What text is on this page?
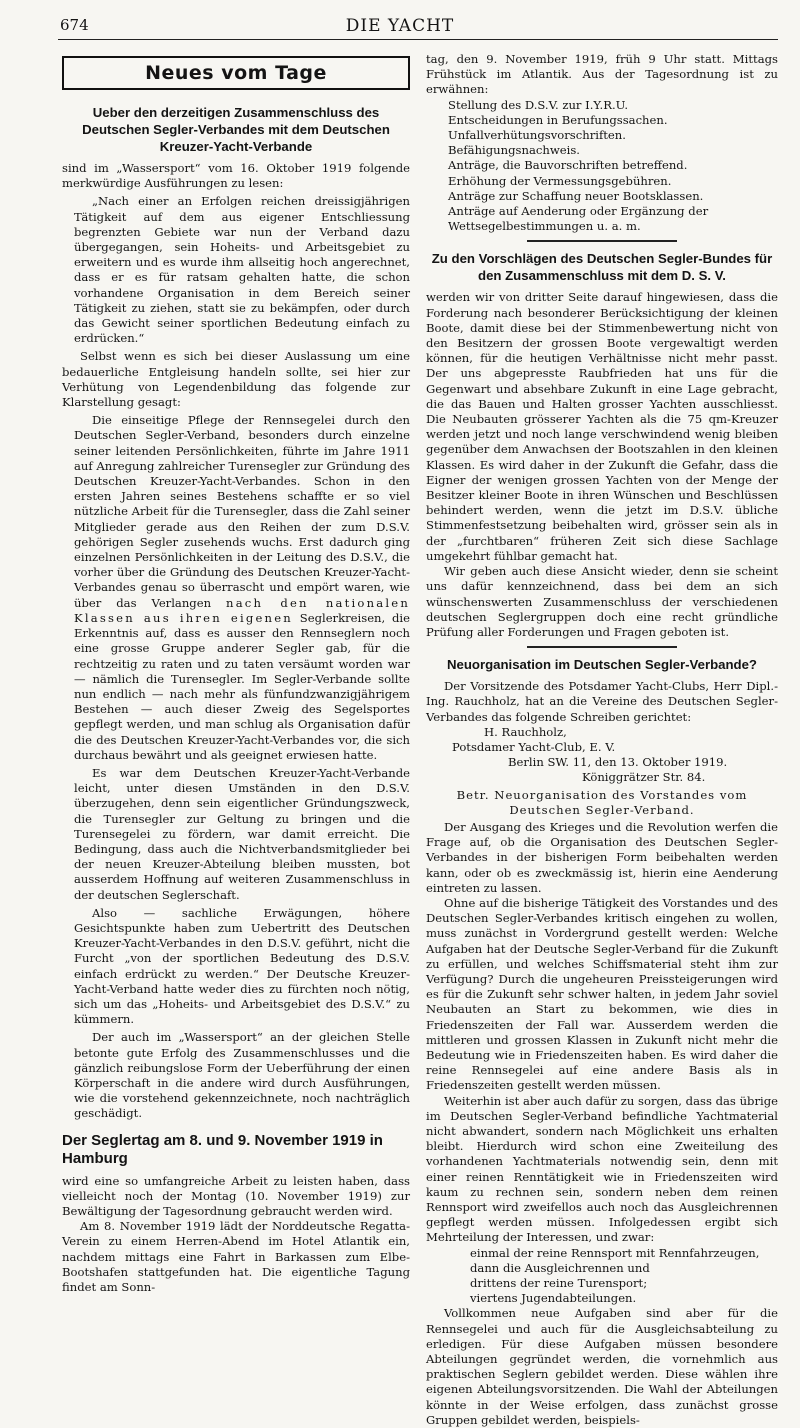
674	DIE YACHT
Neues vom Tage
Ueber den derzeitigen Zusammenschluss des Deutschen Segler-Verbandes mit dem Deutschen Kreuzer-Yacht-Verbande

sind im „Wassersport“ vom 16. Oktober 1919 folgende merkwürdige Ausführungen zu lesen:

„Nach einer an Erfolgen reichen dreissigjährigen Tätigkeit auf dem aus eigener Entschliessung begrenzten Gebiete war nun der Verband dazu übergegangen, sein Hoheits- und Arbeitsgebiet zu erweitern und es wurde ihm allseitig hoch angerechnet, dass er es für ratsam gehalten hatte, die schon vorhandene Organisation in dem Bereich seiner Tätigkeit zu ziehen, statt sie zu bekämpfen, oder durch das Gewicht seiner sportlichen Bedeutung einfach zu erdrücken.“

Selbst wenn es sich bei dieser Auslassung um eine bedauerliche Entgleisung handeln sollte, sei hier zur Verhütung von Legendenbildung das folgende zur Klarstellung gesagt:

Die einseitige Pflege der Rennsegelei durch den Deutschen Segler-Verband, besonders durch einzelne seiner leitenden Persönlichkeiten, führte im Jahre 1911 auf Anregung zahlreicher Turensegler zur Gründung des Deutschen Kreuzer-Yacht-Verbandes. Schon in den ersten Jahren seines Bestehens schaffte er so viel nützliche Arbeit für die Turensegler, dass die Zahl seiner Mitglieder gerade aus den Reihen der zum D.S.V. gehörigen Segler zusehends wuchs. Erst dadurch ging einzelnen Persönlichkeiten in der Leitung des D.S.V., die vorher über die Gründung des Deutschen Kreuzer-Yacht-Verbandes genau so überrascht und empört waren, wie über das Verlangen nach den nationalen Klassen aus ihren eigenen Seglerkreisen, die Erkenntnis auf, dass es ausser den Rennseglern noch eine grosse Gruppe anderer Segler gab, für die rechtzeitig zu raten und zu taten versäumt worden war — nämlich die Turensegler. Im Segler-Verbande sollte nun endlich — nach mehr als fünfundzwanzigjährigem Bestehen — auch dieser Zweig des Segelsportes gepflegt werden, und man schlug als Organisation dafür die des Deutschen Kreuzer-Yacht-Verbandes vor, die sich durchaus bewährt und als geeignet erwiesen hatte.

Es war dem Deutschen Kreuzer-Yacht-Verbande leicht, unter diesen Umständen in den D.S.V. überzugehen, denn sein eigentlicher Gründungszweck, die Turensegler zur Geltung zu bringen und die Turensegelei zu fördern, war damit erreicht. Die Bedingung, dass auch die Nichtverbandsmitglieder bei der neuen Kreuzer-Abteilung bleiben mussten, bot ausserdem Hoffnung auf weiteren Zusammenschluss in der deutschen Seglerschaft.

Also — sachliche Erwägungen, höhere Gesichtspunkte haben zum Uebertritt des Deutschen Kreuzer-Yacht-Verbandes in den D.S.V. geführt, nicht die Furcht „von der sportlichen Bedeutung des D.S.V. einfach erdrückt zu werden.“ Der Deutsche Kreuzer-Yacht-Verband hatte weder dies zu fürchten noch nötig, sich um das „Hoheits- und Arbeitsgebiet des D.S.V.“ zu kümmern.

Der auch im „Wassersport“ an der gleichen Stelle betonte gute Erfolg des Zusammenschlusses und die gänzlich reibungslose Form der Ueberführung der einen Körperschaft in die andere wird durch Ausführungen, wie die vorstehend gekennzeichnete, noch nachträglich geschädigt.

Der Seglertag am 8. und 9. November 1919 in Hamburg

wird eine so umfangreiche Arbeit zu leisten haben, dass vielleicht noch der Montag (10. November 1919) zur Bewältigung der Tagesordnung gebraucht werden wird.

Am 8. November 1919 lädt der Norddeutsche Regatta-Verein zu einem Herren-Abend im Hotel Atlantik ein, nachdem mittags eine Fahrt in Barkassen zum Elbe-Bootshafen stattgefunden hat. Die eigentliche Tagung findet am Sonn-

tag, den 9. November 1919, früh 9 Uhr statt. Mittags Frühstück im Atlantik. Aus der Tagesordnung ist zu erwähnen:

Stellung des D.S.V. zur I.Y.R.U.
Entscheidungen in Berufungssachen.
Unfallverhütungsvorschriften.
Befähigungsnachweis.
Anträge, die Bauvorschriften betreffend.
Erhöhung der Vermessungsgebühren.
Anträge zur Schaffung neuer Bootsklassen.
Anträge auf Aenderung oder Ergänzung der Wettsegelbestimmungen u. a. m.
Zu den Vorschlägen des Deutschen Segler-Bundes für den Zusammenschluss mit dem D. S. V.

werden wir von dritter Seite darauf hingewiesen, dass die Forderung nach besonderer Berücksichtigung der kleinen Boote, damit diese bei der Stimmenbewertung nicht von den Besitzern der grossen Boote vergewaltigt werden können, für die heutigen Verhältnisse nicht mehr passt. Der uns abgepresste Raubfrieden hat uns für die Gegenwart und absehbare Zukunft in eine Lage gebracht, die das Bauen und Halten grosser Yachten ausschliesst. Die Neubauten grösserer Yachten als die 75 qm-Kreuzer werden jetzt und noch lange verschwindend wenig bleiben gegenüber dem Anwachsen der Bootszahlen in den kleinen Klassen. Es wird daher in der Zukunft die Gefahr, dass die Eigner der wenigen grossen Yachten von der Menge der Besitzer kleiner Boote in ihren Wünschen und Beschlüssen behindert werden, wenn die jetzt im D.S.V. übliche Stimmenfestsetzung beibehalten wird, grösser sein als in der „furchtbaren“ früheren Zeit sich diese Sachlage umgekehrt fühlbar gemacht hat.

Wir geben auch diese Ansicht wieder, denn sie scheint uns dafür kennzeichnend, dass bei dem an sich wünschenswerten Zusammenschluss der verschiedenen deutschen Seglergruppen doch eine recht gründliche Prüfung aller Forderungen und Fragen geboten ist.

Neuorganisation im Deutschen Segler-Verbande?

Der Vorsitzende des Potsdamer Yacht-Clubs, Herr Dipl.-Ing. Rauchholz, hat an die Vereine des Deutschen Segler-Verbandes das folgende Schreiben gerichtet:

H. Rauchholz,
Potsdamer Yacht-Club, E. V.
Berlin SW. 11, den 13. Oktober 1919.
Königgrätzer Str. 84.
Betr. Neuorganisation des Vorstandes vom
Deutschen Segler-Verband.

Der Ausgang des Krieges und die Revolution werfen die Frage auf, ob die Organisation des Deutschen Segler-Verbandes in der bisherigen Form beibehalten werden kann, oder ob es zweckmässig ist, hierin eine Aenderung eintreten zu lassen.

Ohne auf die bisherige Tätigkeit des Vorstandes und des Deutschen Segler-Verbandes kritisch eingehen zu wollen, muss zunächst in Vordergrund gestellt werden: Welche Aufgaben hat der Deutsche Segler-Verband für die Zukunft zu erfüllen, und welches Schiffsmaterial steht ihm zur Verfügung? Durch die ungeheuren Preissteigerungen wird es für die Zukunft sehr schwer halten, in jedem Jahr soviel Neubauten an Start zu bekommen, wie dies in Friedenszeiten der Fall war. Ausserdem werden die mittleren und grossen Klassen in Zukunft nicht mehr die Bedeutung wie in Friedenszeiten haben. Es wird daher die reine Rennsegelei auf eine andere Basis als in Friedenszeiten gestellt werden müssen.

Weiterhin ist aber auch dafür zu sorgen, dass das übrige im Deutschen Segler-Verband befindliche Yachtmaterial nicht abwandert, sondern nach Möglichkeit uns erhalten bleibt. Hierdurch wird schon eine Zweiteilung des vorhandenen Yachtmaterials notwendig sein, denn mit einer reinen Renntätigkeit wie in Friedenszeiten wird kaum zu rechnen sein, sondern neben dem reinen Rennsport wird zweifellos auch noch das Ausgleichrennen gepflegt werden müssen. Infolgedessen ergibt sich Mehrteilung der Interessen, und zwar:

einmal der reine Rennsport mit Rennfahrzeugen,
dann die Ausgleichrennen und
drittens der reine Turensport;
viertens Jugendabteilungen.

Vollkommen neue Aufgaben sind aber für die Rennsegelei und auch für die Ausgleichsabteilung zu erledigen. Für diese Aufgaben müssen besondere Abteilungen gegründet werden, die vornehmlich aus praktischen Seglern gebildet werden. Diese wählen ihre eigenen Abteilungsvorsitzenden. Die Wahl der Abteilungen könnte in der Weise erfolgen, dass zunächst grosse Gruppen gebildet werden, beispiels-
